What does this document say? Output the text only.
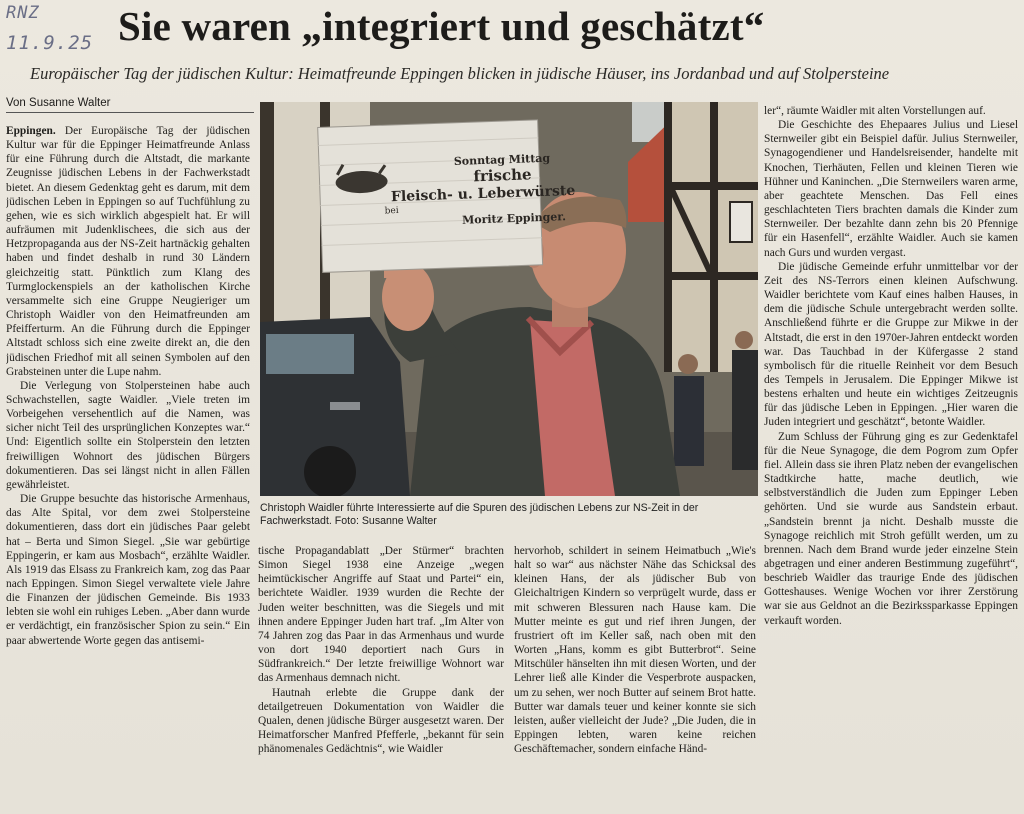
RNZ
11.9.25 Sie waren „integriert und geschätzt“
Europäischer Tag der jüdischen Kultur: Heimatfreunde Eppingen blicken in jüdische Häuser, ins Jordanbad und auf Stolpersteine
Von Susanne Walter

Eppingen. Der Europäische Tag der jüdischen Kultur war für die Eppinger Heimatfreunde Anlass für eine Führung durch die Altstadt, die markante Zeugnisse jüdischen Lebens in der Fachwerkstadt bietet. An diesem Gedenktag geht es darum, mit dem jüdischen Leben in Eppingen so auf Tuchfühlung zu gehen, wie es sich wirklich abgespielt hat. Er will aufräumen mit Judenklischees, die sich aus der Hetzpropaganda aus der NS-Zeit hartnäckig gehalten haben und findet deshalb in rund 30 Ländern gleichzeitig statt. Pünktlich zum Klang des Turmglockenspiels an der katholischen Kirche versammelte sich eine Gruppe Neugieriger um Christoph Waidler von den Heimatfreunden am Pfeifferturm. An die Führung durch die Eppinger Altstadt schloss sich eine zweite direkt an, die den jüdischen Friedhof mit all seinen Symbolen auf den Grabsteinen unter die Lupe nahm.

Die Verlegung von Stolpersteinen habe auch Schwachstellen, sagte Waidler. „Viele treten im Vorbeigehen versehentlich auf die Namen, was sicher nicht Teil des ursprünglichen Konzeptes war.“ Und: Eigentlich sollte ein Stolperstein den letzten freiwilligen Wohnort des jüdischen Bürgers dokumentieren. Das sei längst nicht in allen Fällen gewährleistet.

Die Gruppe besuchte das historische Armenhaus, das Alte Spital, vor dem zwei Stolpersteine dokumentieren, dass dort ein jüdisches Paar gelebt hat – Berta und Simon Siegel. „Sie war gebürtige Eppingerin, er kam aus Mosbach“, erzählte Waidler. Als 1919 das Elsass zu Frankreich kam, zog das Paar nach Eppingen. Simon Siegel verwaltete viele Jahre die Finanzen der jüdischen Gemeinde. Bis 1933 lebten sie wohl ein ruhiges Leben. „Aber dann wurde er verdächtigt, ein französischer Spion zu sein.“ Ein paar abwertende Worte gegen das antisemi-

Sonntag Mittag
frische
Fleisch- u. Leberwürste
bei	Moritz Eppinger.
Christoph Waidler führte Interessierte auf die Spuren des jüdischen Lebens zur NS-Zeit in der Fachwerkstadt. Foto: Susanne Walter

tische Propagandablatt „Der Stürmer“ brachten Simon Siegel 1938 eine Anzeige „wegen heimtückischer Angriffe auf Staat und Partei“ ein, berichtete Waidler. 1939 wurden die Rechte der Juden weiter beschnitten, was die Siegels und mit ihnen andere Eppinger Juden hart traf. „Im Alter von 74 Jahren zog das Paar in das Armenhaus und wurde von dort 1940 deportiert nach Gurs in Südfrankreich.“ Der letzte freiwillige Wohnort war das Armenhaus demnach nicht.

Hautnah erlebte die Gruppe dank der detailgetreuen Dokumentation von Waidler die Qualen, denen jüdische Bürger ausgesetzt waren. Der Heimatforscher Manfred Pfefferle, „bekannt für sein phänomenales Gedächtnis“, wie Waidler

hervorhob, schildert in seinem Heimatbuch „Wie's halt so war“ aus nächster Nähe das Schicksal des kleinen Hans, der als jüdischer Bub von Gleichaltrigen Kindern so verprügelt wurde, dass er mit schweren Blessuren nach Hause kam. Die Mutter meinte es gut und rief ihren Jungen, der frustriert oft im Keller saß, nach oben mit den Worten „Hans, komm es gibt Butterbrot“. Seine Mitschüler hänselten ihn mit diesen Worten, und der Lehrer ließ alle Kinder die Vesperbrote auspacken, um zu sehen, wer noch Butter auf seinem Brot hatte. Butter war damals teuer und keiner konnte sie sich leisten, außer vielleicht der Jude? „Die Juden, die in Eppingen lebten, waren keine reichen Geschäftemacher, sondern einfache Händ-

ler“, räumte Waidler mit alten Vorstellungen auf.

Die Geschichte des Ehepaares Julius und Liesel Sternweiler gibt ein Beispiel dafür. Julius Sternweiler, Synagogendiener und Handelsreisender, handelte mit Knochen, Tierhäuten, Fellen und kleinen Tieren wie Hühner und Kaninchen. „Die Sternweilers waren arme, aber geachtete Menschen. Das Fell eines geschlachteten Tiers brachten damals die Kinder zum Sternweiler. Der bezahlte dann zehn bis 20 Pfennige für ein Hasenfell“, erzählte Waidler. Auch sie kamen nach Gurs und wurden vergast.

Die jüdische Gemeinde erfuhr unmittelbar vor der Zeit des NS-Terrors einen kleinen Aufschwung. Waidler berichtete vom Kauf eines halben Hauses, in dem die jüdische Schule untergebracht werden sollte. Anschließend führte er die Gruppe zur Mikwe in der Altstadt, die erst in den 1970er-Jahren entdeckt worden war. Das Tauchbad in der Küfergasse 2 stand symbolisch für die rituelle Reinheit vor dem Besuch des Tempels in Jerusalem. Die Eppinger Mikwe ist bestens erhalten und heute ein wichtiges Zeitzeugnis für das jüdische Leben in Eppingen. „Hier waren die Juden integriert und geschätzt“, betonte Waidler.

Zum Schluss der Führung ging es zur Gedenktafel für die Neue Synagoge, die dem Pogrom zum Opfer fiel. Allein dass sie ihren Platz neben der evangelischen Stadtkirche hatte, mache deutlich, wie selbstverständlich die Juden zum Eppinger Leben gehörten. Und sie wurde aus Sandstein erbaut. „Sandstein brennt ja nicht. Deshalb musste die Synagoge reichlich mit Stroh gefüllt werden, um zu brennen. Nach dem Brand wurde jeder einzelne Stein abgetragen und einer anderen Bestimmung zugeführt“, beschrieb Waidler das traurige Ende des jüdischen Gotteshauses. Wenige Wochen vor ihrer Zerstörung war sie aus Geldnot an die Bezirkssparkasse Eppingen verkauft worden.
